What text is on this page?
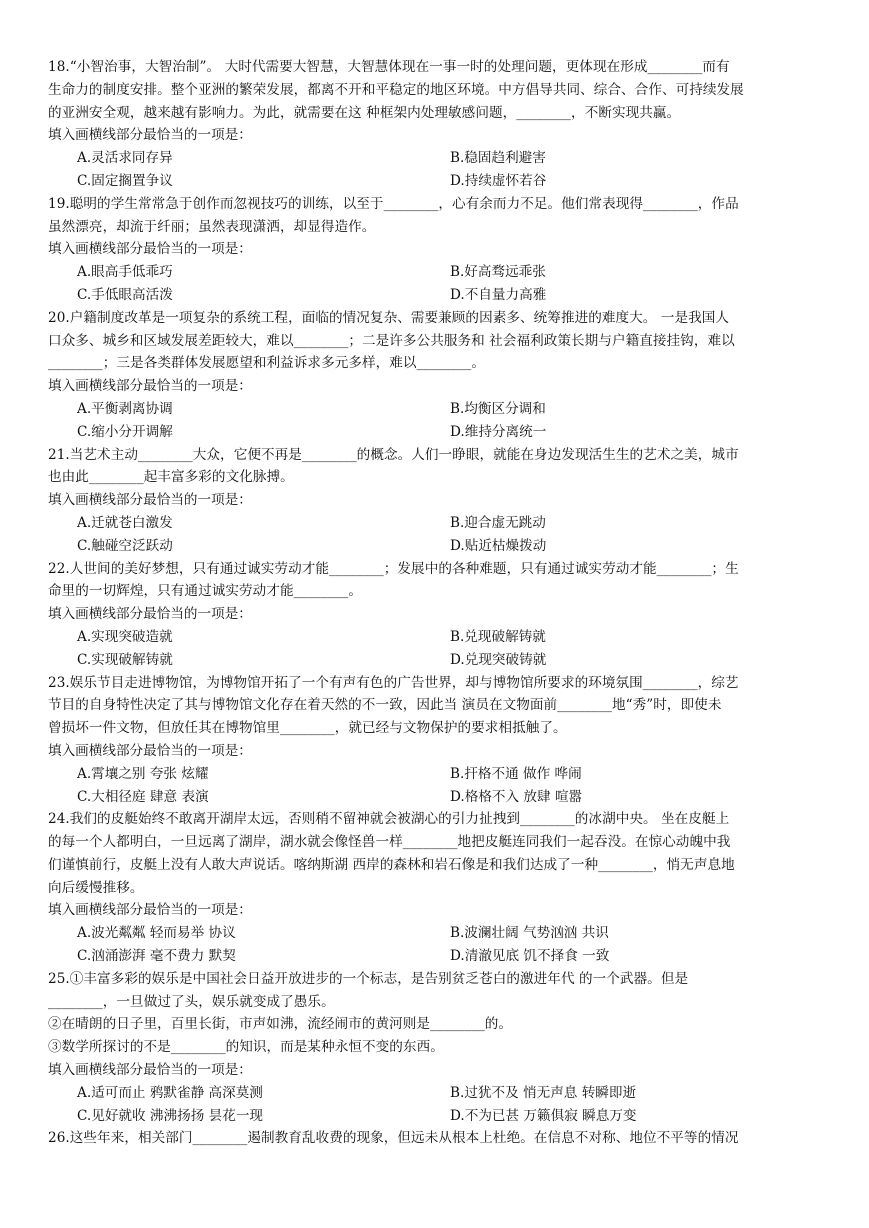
18.“小智治事，大智治制”。 大时代需要大智慧，大智慧体现在一事一时的处理问题，更体现在形成________而有
生命力的制度安排。整个亚洲的繁荣发展，都离不开和平稳定的地区环境。中方倡导共同、综合、合作、可持续发展
的亚洲安全观，越来越有影响力。为此，就需要在这 种框架内处理敏感问题，________，不断实现共赢。
填入画横线部分最恰当的一项是：
A.灵活求同存异	B.稳固趋利避害
C.固定搁置争议	D.持续虚怀若谷
19.聪明的学生常常急于创作而忽视技巧的训练，以至于________，心有余而力不足。他们常表现得________，作品
虽然漂亮，却流于纤丽；虽然表现潇洒，却显得造作。
填入画横线部分最恰当的一项是：
A.眼高手低乖巧	B.好高骛远乖张
C.手低眼高活泼	D.不自量力高雅
20.户籍制度改革是一项复杂的系统工程，面临的情况复杂、需要兼顾的因素多、统筹推进的难度大。 一是我国人
口众多、城乡和区域发展差距较大，难以________；二是许多公共服务和 社会福利政策长期与户籍直接挂钩，难以
________；三是各类群体发展愿望和利益诉求多元多样，难以________。
填入画横线部分最恰当的一项是：
A.平衡剥离协调	B.均衡区分调和
C.缩小分开调解	D.维持分离统一
21.当艺术主动________大众，它便不再是________的概念。人们一睁眼，就能在身边发现活生生的艺术之美，城市
也由此________起丰富多彩的文化脉搏。
填入画横线部分最恰当的一项是：
A.迁就苍白激发	B.迎合虚无跳动
C.触碰空泛跃动	D.贴近枯燥拨动
22.人世间的美好梦想，只有通过诚实劳动才能________；发展中的各种难题，只有通过诚实劳动才能________；生
命里的一切辉煌，只有通过诚实劳动才能________。
填入画横线部分最恰当的一项是：
A.实现突破造就	B.兑现破解铸就
C.实现破解铸就	D.兑现突破铸就
23.娱乐节目走进博物馆，为博物馆开拓了一个有声有色的广告世界，却与博物馆所要求的环境氛围________，综艺
节目的自身特性决定了其与博物馆文化存在着天然的不一致，因此当 演员在文物面前________地“秀”时，即使未
曾损坏一件文物，但放任其在博物馆里________，就已经与文物保护的要求相抵触了。
填入画横线部分最恰当的一项是：
A.霄壤之别 夸张 炫耀	B.扞格不通 做作 哗闹
C.大相径庭 肆意 表演	D.格格不入 放肆 喧嚣
24.我们的皮艇始终不敢离开湖岸太远，否则稍不留神就会被湖心的引力扯拽到________的冰湖中央。 坐在皮艇上
的每一个人都明白，一旦远离了湖岸，湖水就会像怪兽一样________地把皮艇连同我们一起吞没。在惊心动魄中我
们谨慎前行，皮艇上没有人敢大声说话。喀纳斯湖 西岸的森林和岩石像是和我们达成了一种________，悄无声息地
向后缓慢推移。
填入画横线部分最恰当的一项是：
A.波光粼粼 轻而易举 协议	B.波澜壮阔 气势汹汹 共识
C.汹涌澎湃 毫不费力 默契	D.清澈见底 饥不择食 一致
25.①丰富多彩的娱乐是中国社会日益开放进步的一个标志，是告别贫乏苍白的激进年代 的一个武器。但是
________，一旦做过了头，娱乐就变成了愚乐。
②在晴朗的日子里，百里长街，市声如沸，流经闹市的黄河则是________的。
③数学所探讨的不是________的知识，而是某种永恒不变的东西。
填入画横线部分最恰当的一项是：
A.适可而止 鸦默雀静 高深莫测	B.过犹不及 悄无声息 转瞬即逝
C.见好就收 沸沸扬扬 昙花一现	D.不为已甚 万籁俱寂 瞬息万变
26.这些年来，相关部门________遏制教育乱收费的现象，但远未从根本上杜绝。在信息不对称、地位不平等的情况
